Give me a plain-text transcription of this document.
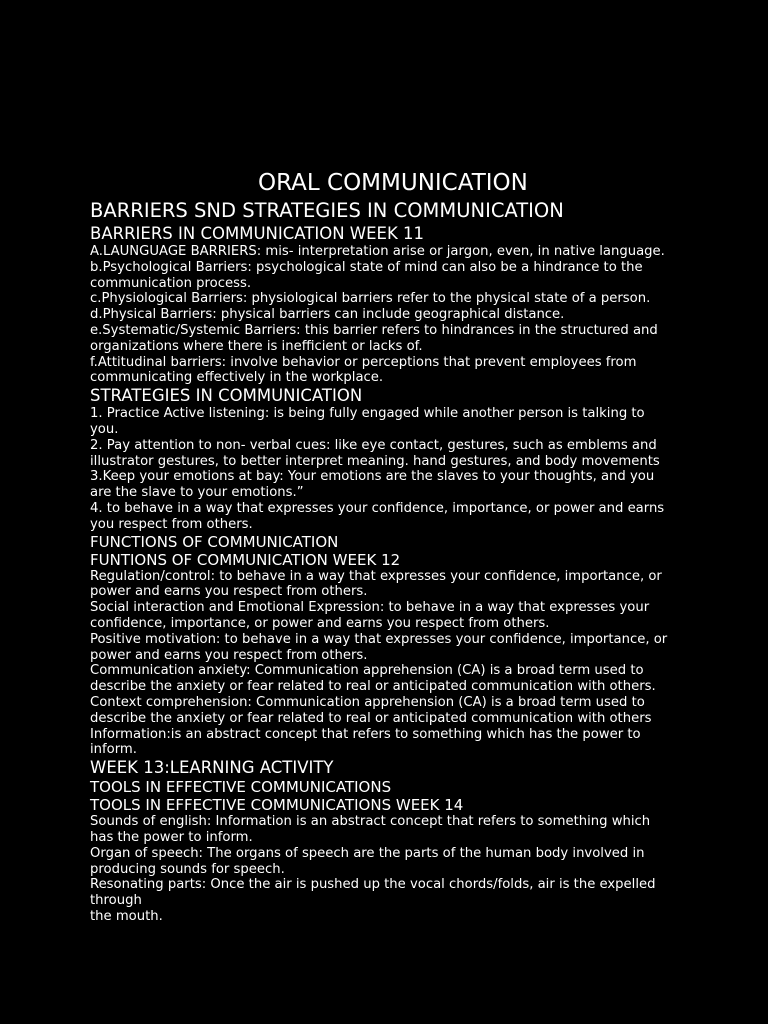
ORAL COMMUNICATION
BARRIERS SND STRATEGIES IN COMMUNICATION
BARRIERS IN COMMUNICATION WEEK 11

A.LAUNGUAGE BARRIERS: mis- interpretation arise or jargon, even, in native language.

b.Psychological Barriers: psychological state of mind can also be a hindrance to the
communication process.

c.Physiological Barriers: physiological barriers refer to the physical state of a person.

d.Physical Barriers: physical barriers can include geographical distance.

e.Systematic/Systemic Barriers: this barrier refers to hindrances in the structured and
organizations where there is inefficient or lacks of.

f.Attitudinal barriers: involve behavior or perceptions that prevent employees from
communicating effectively in the workplace.

STRATEGIES IN COMMUNICATION

1. Practice Active listening: is being fully engaged while another person is talking to
you.

2. Pay attention to non- verbal cues: like eye contact, gestures, such as emblems and
illustrator gestures, to better interpret meaning. hand gestures, and body movements

3.Keep your emotions at bay: Your emotions are the slaves to your thoughts, and you
are the slave to your emotions.”

4. to behave in a way that expresses your confidence, importance, or power and earns
you respect from others.

FUNCTIONS OF COMMUNICATION
FUNTIONS OF COMMUNICATION WEEK 12

Regulation/control: to behave in a way that expresses your confidence, importance, or
power and earns you respect from others.

Social interaction and Emotional Expression: to behave in a way that expresses your
confidence, importance, or power and earns you respect from others.

Positive motivation: to behave in a way that expresses your confidence, importance, or
power and earns you respect from others.

Communication anxiety: Communication apprehension (CA) is a broad term used to
describe the anxiety or fear related to real or anticipated communication with others.

Context comprehension: Communication apprehension (CA) is a broad term used to
describe the anxiety or fear related to real or anticipated communication with others

Information:is an abstract concept that refers to something which has the power to
inform.

WEEK 13:LEARNING ACTIVITY
TOOLS IN EFFECTIVE COMMUNICATIONS
TOOLS IN EFFECTIVE COMMUNICATIONS WEEK 14

Sounds of english: Information is an abstract concept that refers to something which
has the power to inform.

Organ of speech: The organs of speech are the parts of the human body involved in
producing sounds for speech.

Resonating parts: Once the air is pushed up the vocal chords/folds, air is the expelled
through
the mouth.
